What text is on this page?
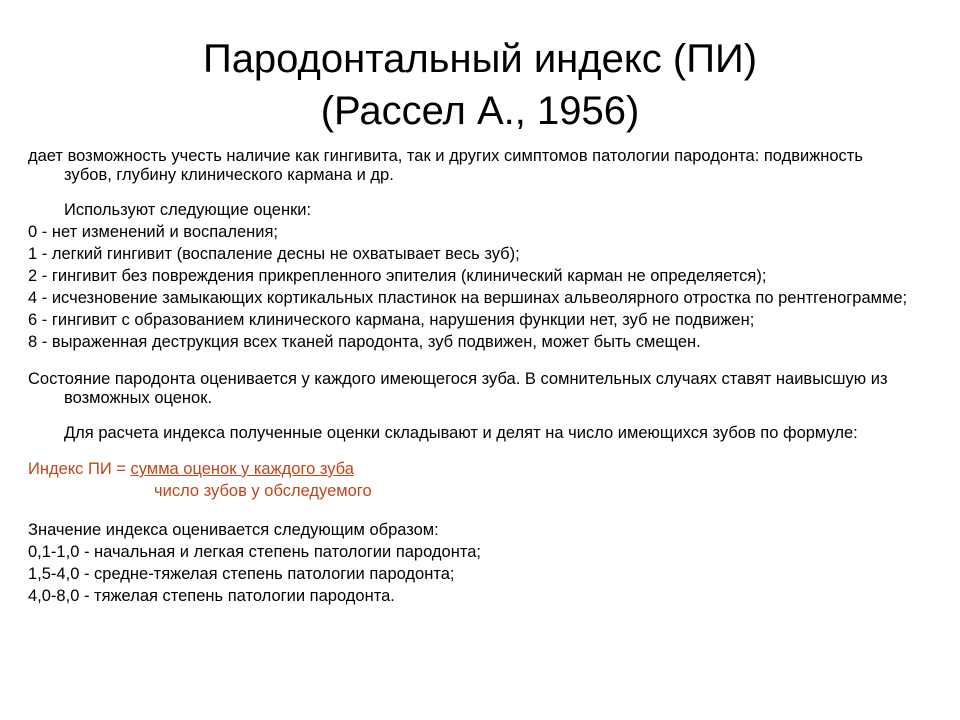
Пародонтальный индекс (ПИ)
(Рассел А., 1956)

дает возможность учесть наличие как гингивита, так и других симптомов патологии пародонта: подвижность зубов, глубину клинического кармана и др.

Используют следующие оценки:

0 - нет изменений и воспаления;

1 - легкий гингивит (воспаление десны не охватывает весь зуб);

2 - гингивит без повреждения прикрепленного эпителия (клинический карман не определяется);

4 - исчезновение замыкающих кортикальных пластинок на вершинах альвеолярного отростка по рентгенограмме;

6 - гингивит с образованием клинического кармана, нарушения функции нет, зуб не подвижен;

8 - выраженная деструкция всех тканей пародонта, зуб подвижен, может быть смещен.

Состояние пародонта оценивается у каждого имеющегося зуба. В сомнительных случаях ставят наивысшую из возможных оценок.

Для расчета индекса полученные оценки складывают и делят на число имеющихся зубов по формуле:

Индекс ПИ = сумма оценок у каждого зуба

число зубов у обследуемого

Значение индекса оценивается следующим образом:

0,1-1,0 - начальная и легкая степень патологии пародонта;

1,5-4,0 - средне-тяжелая степень патологии пародонта;

4,0-8,0 - тяжелая степень патологии пародонта.
